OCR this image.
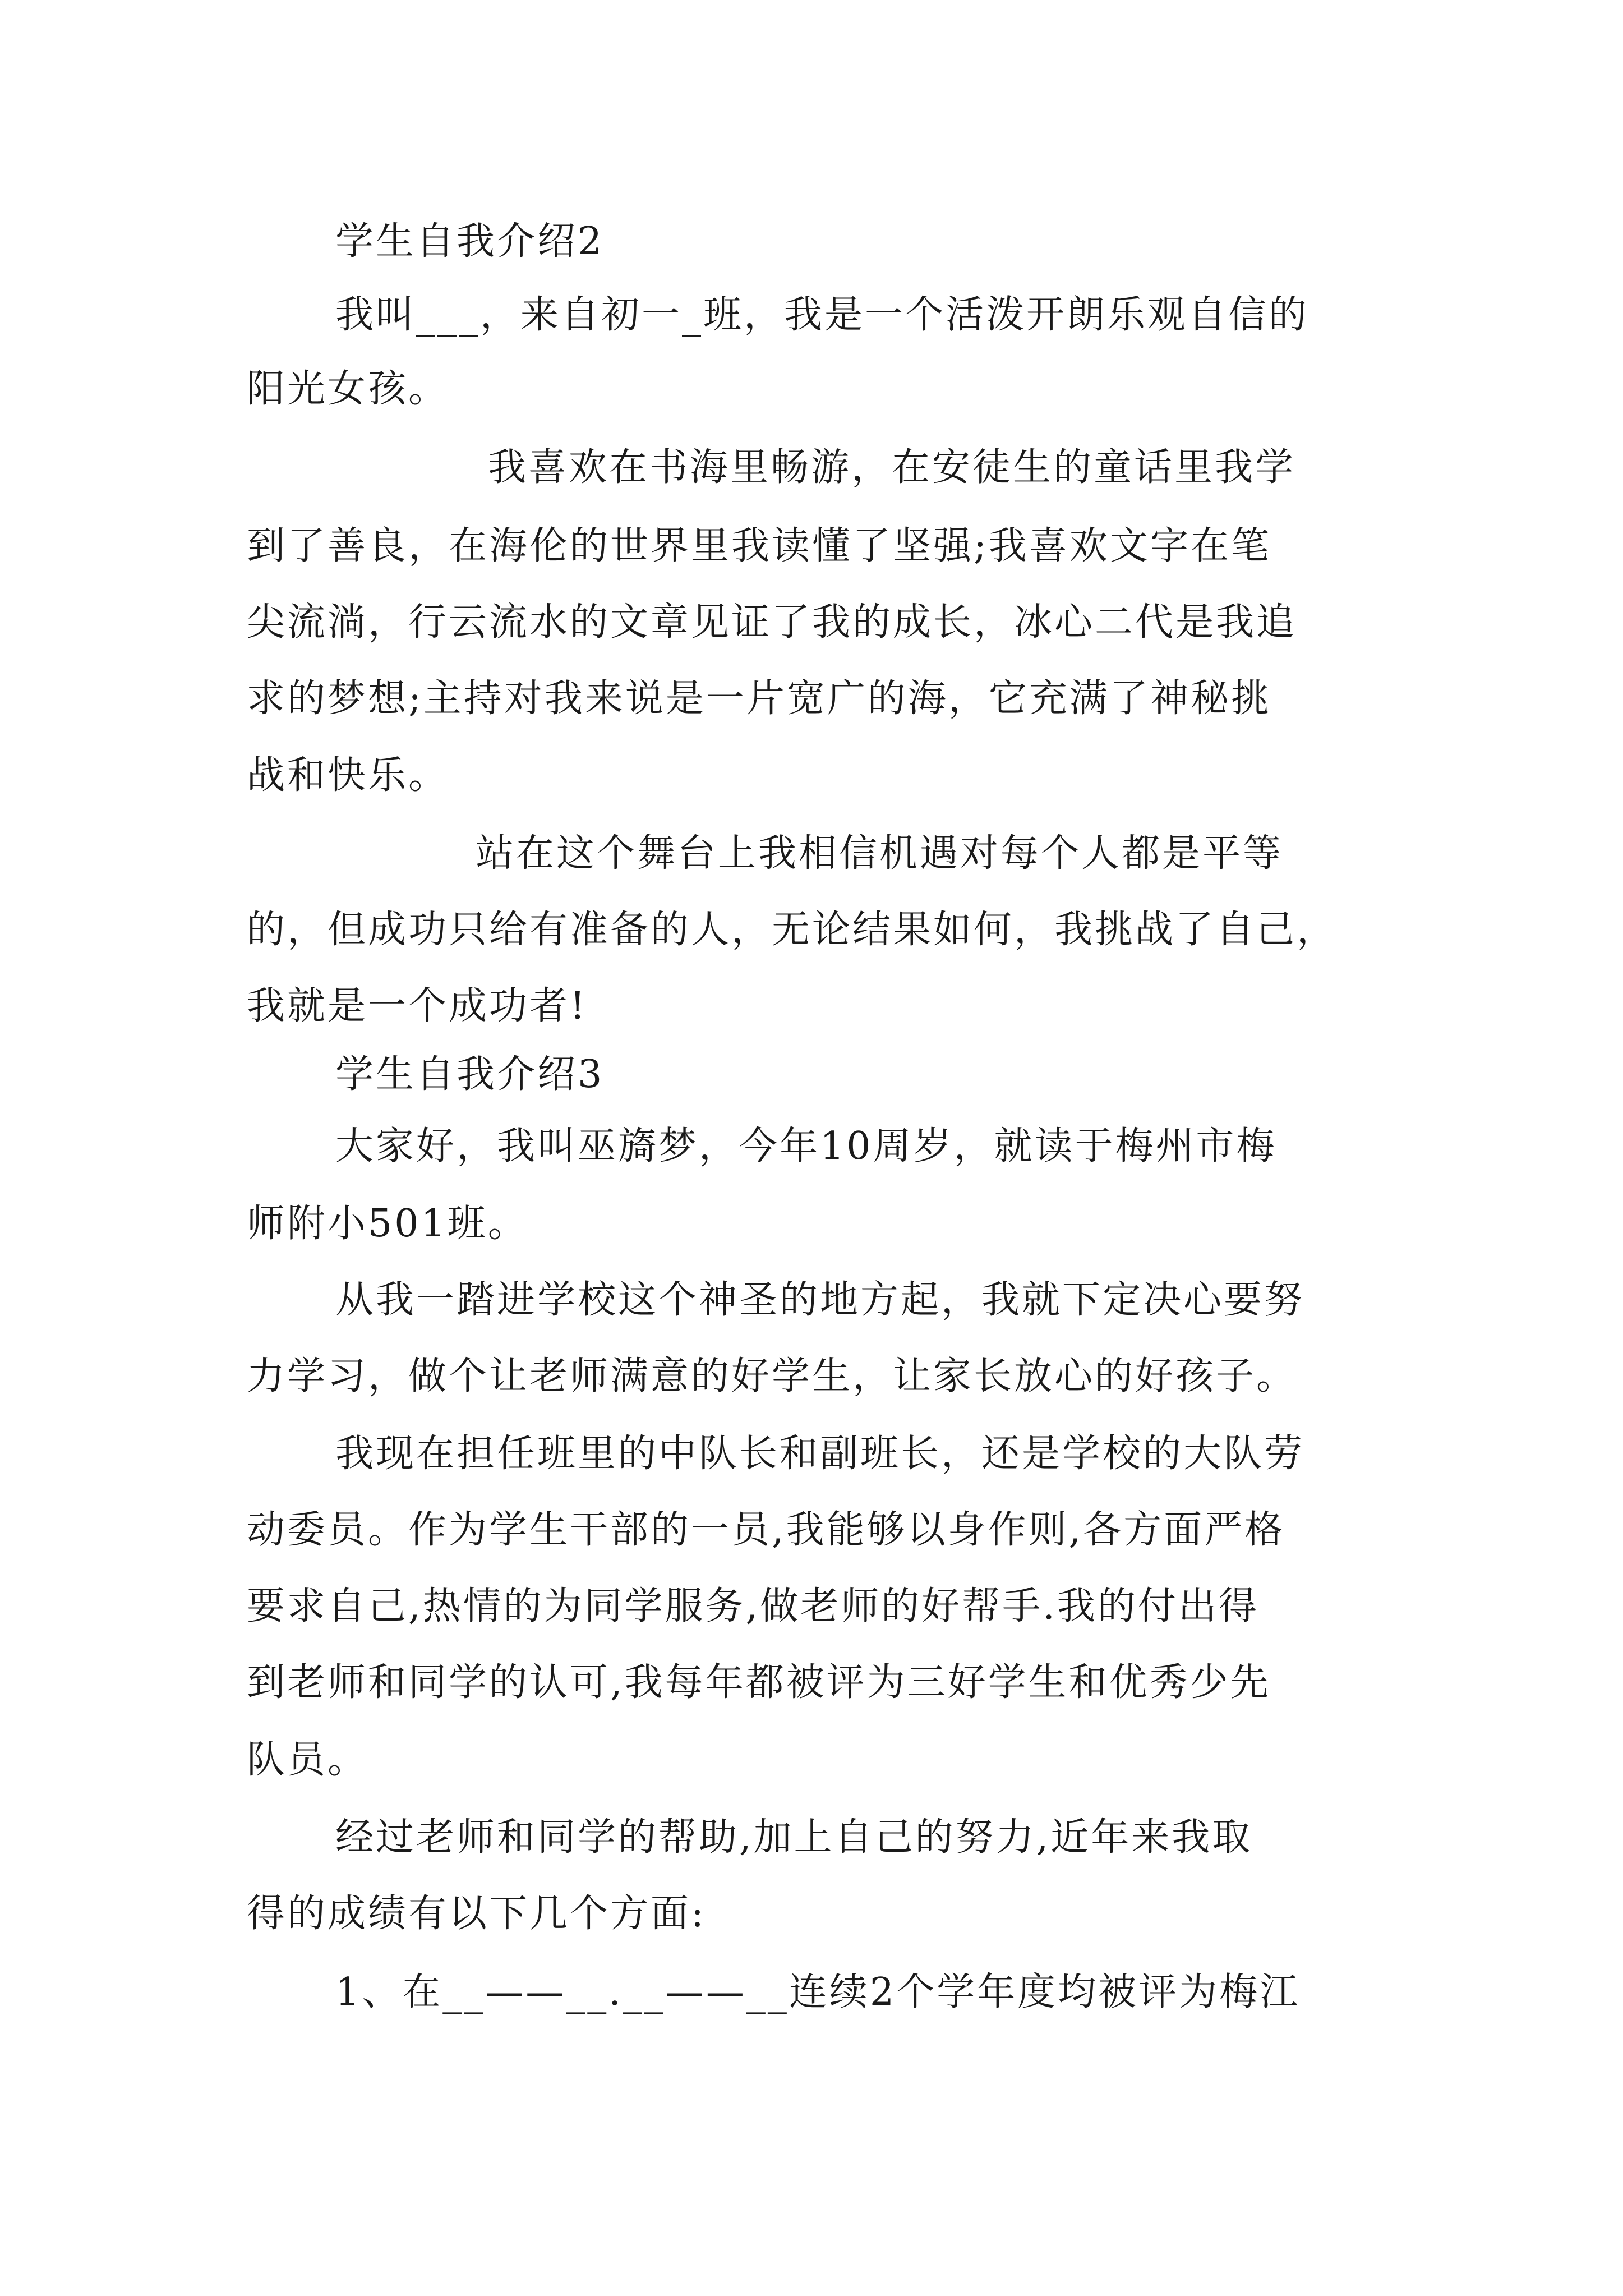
学生自我介绍2
我叫___，来自初一_班，我是一个活泼开朗乐观自信的
阳光女孩。
我喜欢在书海里畅游，在安徒生的童话里我学
到了善良，在海伦的世界里我读懂了坚强;我喜欢文字在笔
尖流淌，行云流水的文章见证了我的成长，冰心二代是我追
求的梦想;主持对我来说是一片宽广的海，它充满了神秘挑
战和快乐。
站在这个舞台上我相信机遇对每个人都是平等
的，但成功只给有准备的人，无论结果如何，我挑战了自己，
我就是一个成功者!
学生自我介绍3
大家好，我叫巫旖梦，今年10周岁，就读于梅州市梅
师附小501班。
从我一踏进学校这个神圣的地方起，我就下定决心要努
力学习，做个让老师满意的好学生，让家长放心的好孩子。
我现在担任班里的中队长和副班长，还是学校的大队劳
动委员。作为学生干部的一员,我能够以身作则,各方面严格
要求自己,热情的为同学服务,做老师的好帮手.我的付出得
到老师和同学的认可,我每年都被评为三好学生和优秀少先
队员。
经过老师和同学的帮助,加上自己的努力,近年来我取
得的成绩有以下几个方面:
1、在__——__.__——__连续2个学年度均被评为梅江
